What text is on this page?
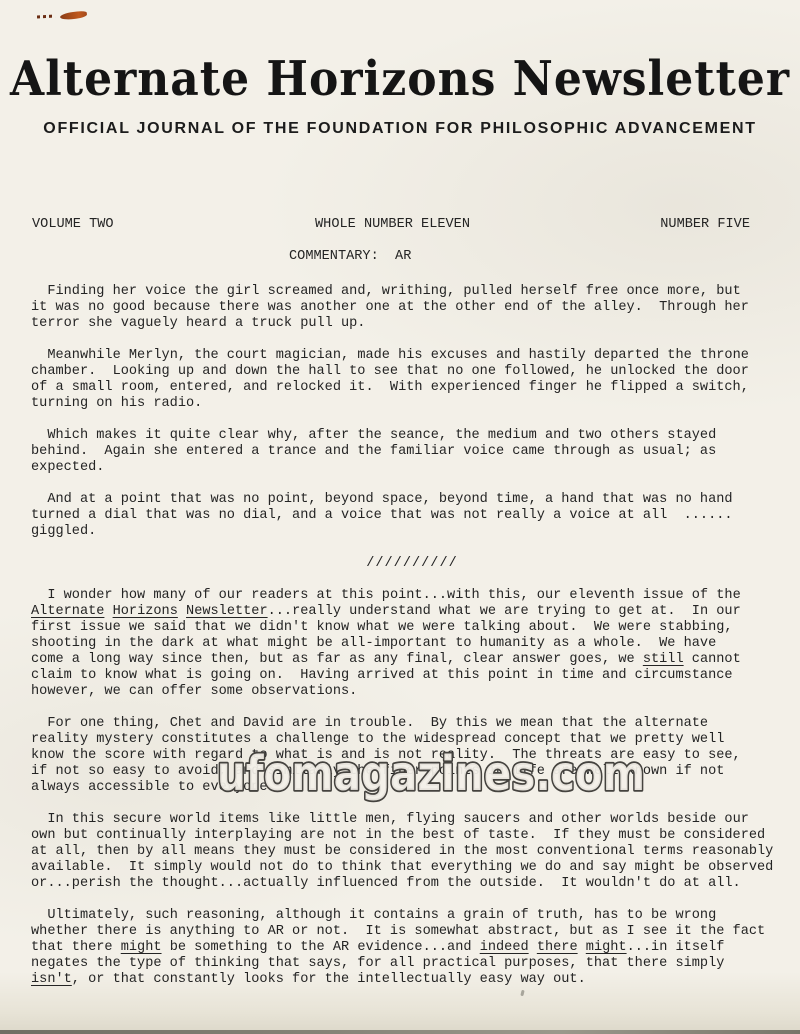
Alternate Horizons Newsletter
OFFICIAL JOURNAL OF THE FOUNDATION FOR PHILOSOPHIC ADVANCEMENT
VOLUME TWO	WHOLE NUMBER ELEVEN	NUMBER FIVE
COMMENTARY:  AR

Finding her voice the girl screamed and, writhing, pulled herself free once more, but
it was no good because there was another one at the other end of the alley.  Through her
terror she vaguely heard a truck pull up.

Meanwhile Merlyn, the court magician, made his excuses and hastily departed the throne
chamber.  Looking up and down the hall to see that no one followed, he unlocked the door
of a small room, entered, and relocked it.  With experienced finger he flipped a switch,
turning on his radio.

Which makes it quite clear why, after the seance, the medium and two others stayed
behind.  Again she entered a trance and the familiar voice came through as usual; as
expected.

And at a point that was no point, beyond space, beyond time, a hand that was no hand
turned a dial that was no dial, and a voice that was not really a voice at all  ......
giggled.

//////////

I wonder how many of our readers at this point...with this, our eleventh issue of the
Alternate Horizons Newsletter...really understand what we are trying to get at.  In our
first issue we said that we didn't know what we were talking about.  We were stabbing,
shooting in the dark at what might be all-important to humanity as a whole.  We have
come a long way since then, but as far as any final, clear answer goes, we still cannot
claim to know what is going on.  Having arrived at this point in time and circumstance
however, we can offer some observations.

For one thing, Chet and David are in trouble.  By this we mean that the alternate
reality mystery constitutes a challenge to the widespread concept that we pretty well
know the score with regard to what is and is not reality.  The threats are easy to see,
if not so easy to avoid, and similarly the finer points in life are well known if not
always accessible to everyone.

In this secure world items like little men, flying saucers and other worlds beside our
own but continually interplaying are not in the best of taste.  If they must be considered
at all, then by all means they must be considered in the most conventional terms reasonably
available.  It simply would not do to think that everything we do and say might be observed
or...perish the thought...actually influenced from the outside.  It wouldn't do at all.

Ultimately, such reasoning, although it contains a grain of truth, has to be wrong
whether there is anything to AR or not.  It is somewhat abstract, but as I see it the fact
that there might be something to the AR evidence...and indeed there might...in itself
negates the type of thinking that says, for all practical purposes, that there simply
isn't, or that constantly looks for the intellectually easy way out.

ufomagazines.com
